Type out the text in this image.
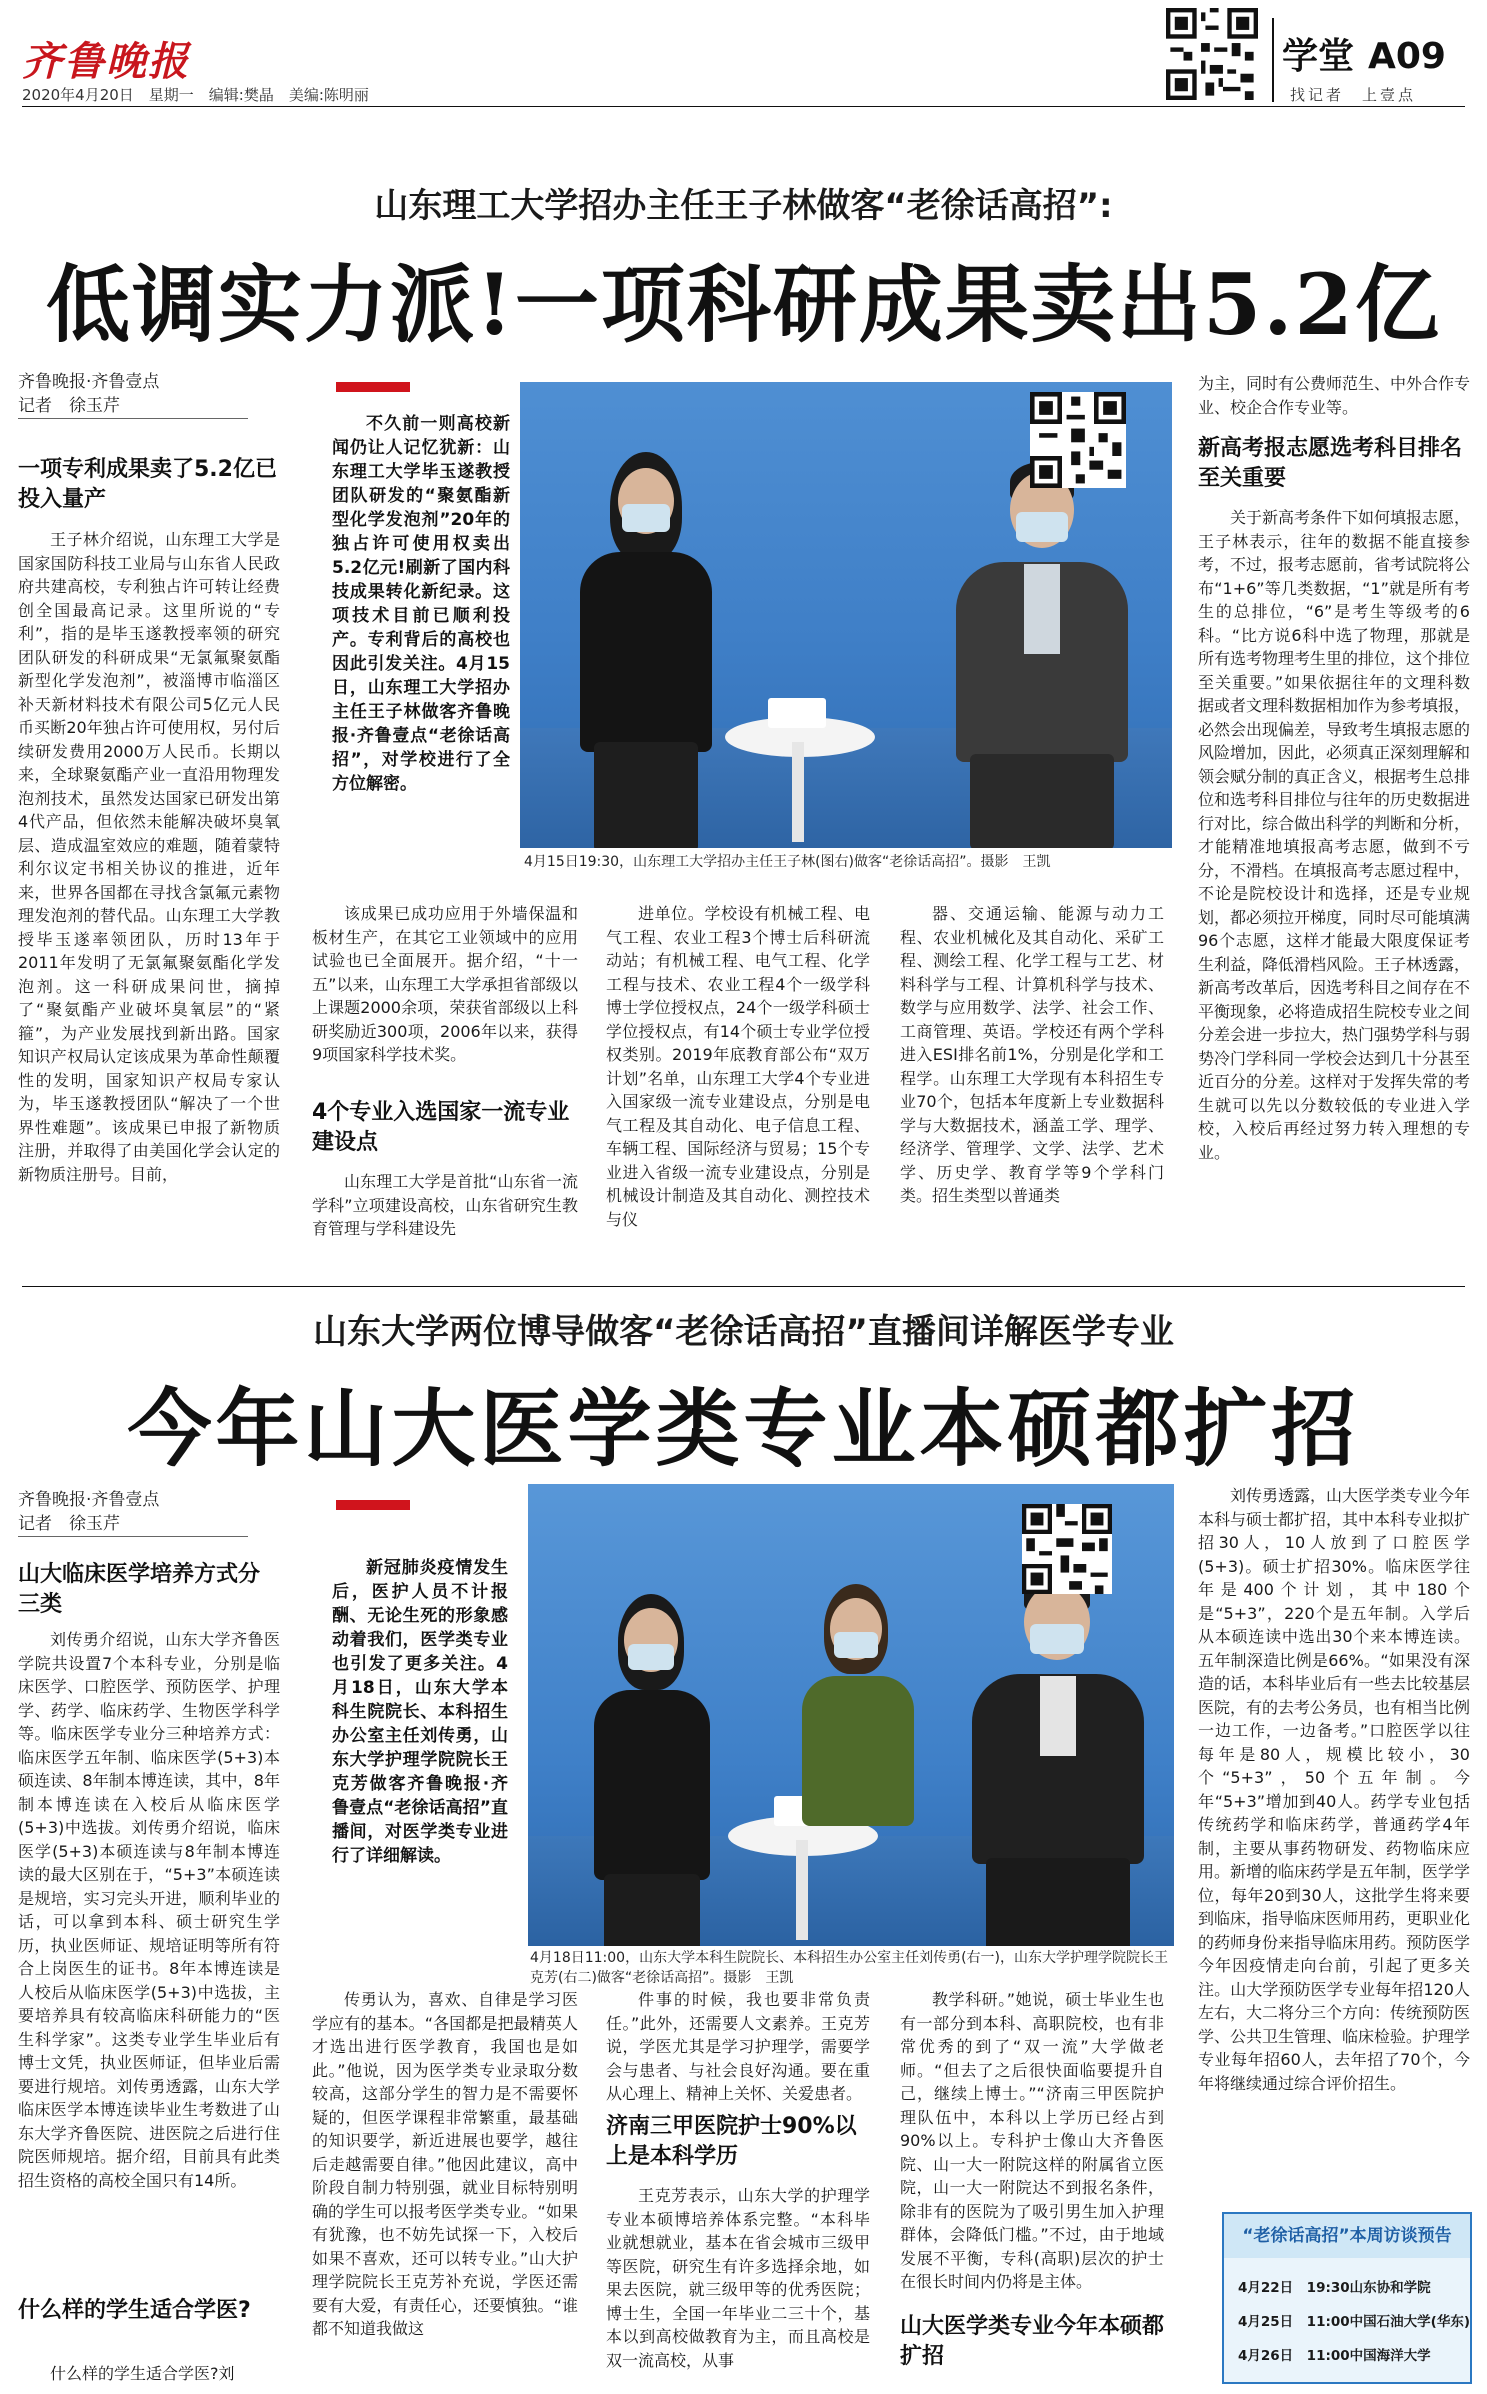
齐鲁晚报
2020年4月20日　星期一　编辑:樊晶　美编:陈明丽
学堂 A09
找记者　上壹点
山东理工大学招办主任王子林做客“老徐话高招”:
低调实力派!一项科研成果卖出5.2亿
齐鲁晚报·齐鲁壹点
记者　徐玉芹
一项专利成果卖了5.2亿已投入量产
王子林介绍说，山东理工大学是国家国防科技工业局与山东省人民政府共建高校，专利独占许可转让经费创全国最高记录。这里所说的“专利”，指的是毕玉遂教授率领的研究团队研发的科研成果“无氯氟聚氨酯新型化学发泡剂”，被淄博市临淄区补天新材料技术有限公司5亿元人民币买断20年独占许可使用权，另付后续研发费用2000万人民币。长期以来，全球聚氨酯产业一直沿用物理发泡剂技术，虽然发达国家已研发出第4代产品，但依然未能解决破坏臭氧层、造成温室效应的难题，随着蒙特利尔议定书相关协议的推进，近年来，世界各国都在寻找含氯氟元素物理发泡剂的替代品。山东理工大学教授毕玉遂率领团队，历时13年于2011年发明了无氯氟聚氨酯化学发泡剂。这一科研成果问世，摘掉了“聚氨酯产业破坏臭氧层”的“紧箍”，为产业发展找到新出路。国家知识产权局认定该成果为革命性颠覆性的发明，国家知识产权局专家认为，毕玉遂教授团队“解决了一个世界性难题”。该成果已申报了新物质注册，并取得了由美国化学会认定的新物质注册号。目前，
不久前一则高校新闻仍让人记忆犹新：山东理工大学毕玉遂教授团队研发的“聚氨酯新型化学发泡剂”20年的独占许可使用权卖出5.2亿元!刷新了国内科技成果转化新纪录。这项技术目前已顺利投产。专利背后的高校也因此引发关注。4月15日，山东理工大学招办主任王子林做客齐鲁晚报·齐鲁壹点“老徐话高招”，对学校进行了全方位解密。
4月15日19:30，山东理工大学招办主任王子林(图右)做客“老徐话高招”。摄影　王凯
该成果已成功应用于外墙保温和板材生产，在其它工业领域中的应用试验也已全面展开。据介绍，“十一五”以来，山东理工大学承担省部级以上课题2000余项，荣获省部级以上科研奖励近300项，2006年以来，获得9项国家科学技术奖。
4个专业入选国家一流专业建设点
山东理工大学是首批“山东省一流学科”立项建设高校，山东省研究生教育管理与学科建设先
进单位。学校设有机械工程、电气工程、农业工程3个博士后科研流动站；有机械工程、电气工程、化学工程与技术、农业工程4个一级学科博士学位授权点，24个一级学科硕士学位授权点，有14个硕士专业学位授权类别。2019年底教育部公布“双万计划”名单，山东理工大学4个专业进入国家级一流专业建设点，分别是电气工程及其自动化、电子信息工程、车辆工程、国际经济与贸易；15个专业进入省级一流专业建设点，分别是机械设计制造及其自动化、测控技术与仪
器、交通运输、能源与动力工程、农业机械化及其自动化、采矿工程、测绘工程、化学工程与工艺、材料科学与工程、计算机科学与技术、数学与应用数学、法学、社会工作、工商管理、英语。学校还有两个学科进入ESI排名前1%，分别是化学和工程学。山东理工大学现有本科招生专业70个，包括本年度新上专业数据科学与大数据技术，涵盖工学、理学、经济学、管理学、文学、法学、艺术学、历史学、教育学等9个学科门类。招生类型以普通类
为主，同时有公费师范生、中外合作专业、校企合作专业等。
新高考报志愿选考科目排名至关重要
关于新高考条件下如何填报志愿，王子林表示，往年的数据不能直接参考，不过，报考志愿前，省考试院将公布“1+6”等几类数据，“1”就是所有考生的总排位，“6”是考生等级考的6科。“比方说6科中选了物理，那就是所有选考物理考生里的排位，这个排位至关重要。”如果依据往年的文理科数据或者文理科数据相加作为参考填报，必然会出现偏差，导致考生填报志愿的风险增加，因此，必须真正深刻理解和领会赋分制的真正含义，根据考生总排位和选考科目排位与往年的历史数据进行对比，综合做出科学的判断和分析，才能精准地填报高考志愿，做到不亏分，不滑档。在填报高考志愿过程中，不论是院校设计和选择，还是专业规划，都必须拉开梯度，同时尽可能填满96个志愿，这样才能最大限度保证考生利益，降低滑档风险。王子林透露，新高考改革后，因选考科目之间存在不平衡现象，必将造成招生院校专业之间分差会进一步拉大，热门强势学科与弱势冷门学科同一学校会达到几十分甚至近百分的分差。这样对于发挥失常的考生就可以先以分数较低的专业进入学校，入校后再经过努力转入理想的专业。
山东大学两位博导做客“老徐话高招”直播间详解医学专业
今年山大医学类专业本硕都扩招
齐鲁晚报·齐鲁壹点
记者　徐玉芹
山大临床医学培养方式分三类
刘传勇介绍说，山东大学齐鲁医学院共设置7个本科专业，分别是临床医学、口腔医学、预防医学、护理学、药学、临床药学、生物医学科学等。临床医学专业分三种培养方式：临床医学五年制、临床医学(5+3)本硕连读、8年制本博连读，其中，8年制本博连读在入校后从临床医学(5+3)中选拔。刘传勇介绍说，临床医学(5+3)本硕连读与8年制本博连读的最大区别在于，“5+3”本硕连读是规培，实习完头开进，顺利毕业的话，可以拿到本科、硕士研究生学历，执业医师证、规培证明等所有符合上岗医生的证书。8年本博连读是人校后从临床医学(5+3)中选拔，主要培养具有较高临床科研能力的“医生科学家”。这类专业学生毕业后有博士文凭，执业医师证，但毕业后需要进行规培。刘传勇透露，山东大学临床医学本博连读毕业生考数进了山东大学齐鲁医院、进医院之后进行住院医师规培。据介绍，目前具有此类招生资格的高校全国只有14所。
什么样的学生适合学医?
什么样的学生适合学医?刘
新冠肺炎疫情发生后，医护人员不计报酬、无论生死的形象感动着我们，医学类专业也引发了更多关注。4月18日，山东大学本科生院院长、本科招生办公室主任刘传勇，山东大学护理学院院长王克芳做客齐鲁晚报·齐鲁壹点“老徐话高招”直播间，对医学类专业进行了详细解读。
4月18日11:00，山东大学本科生院院长、本科招生办公室主任刘传勇(右一)，山东大学护理学院院长王克芳(右二)做客“老徐话高招”。摄影　王凯
传勇认为，喜欢、自律是学习医学应有的基本。“各国都是把最精英人才选出进行医学教育，我国也是如此。”他说，因为医学类专业录取分数较高，这部分学生的智力是不需要怀疑的，但医学课程非常繁重，最基础的知识要学，新近进展也要学，越往后走越需要自律。”他因此建议，高中阶段自制力特别强，就业目标特别明确的学生可以报考医学类专业。“如果有犹豫，也不妨先试探一下，入校后如果不喜欢，还可以转专业。”山大护理学院院长王克芳补充说，学医还需要有大爱，有责任心，还要慎独。“谁都不知道我做这
件事的时候，我也要非常负责任。”此外，还需要人文素养。王克芳说，学医尤其是学习护理学，需要学会与患者、与社会良好沟通。要在重从心理上、精神上关怀、关爱患者。
济南三甲医院护士90%以上是本科学历
王克芳表示，山东大学的护理学专业本硕博培养体系完整。“本科毕业就想就业，基本在省会城市三级甲等医院，研究生有许多选择余地，如果去医院，就三级甲等的优秀医院；博士生，全国一年毕业二三十个，基本以到高校做教育为主，而且高校是双一流高校，从事
教学科研。”她说，硕士毕业生也有一部分到本科、高职院校，也有非常优秀的到了“双一流”大学做老师。“但去了之后很快面临要提升自己，继续上博士。”“济南三甲医院护理队伍中，本科以上学历已经占到90%以上。专科护士像山大齐鲁医院、山一大一附院这样的附属省立医院，山一大一附院达不到报名条件，除非有的医院为了吸引男生加入护理群体，会降低门槛。”不过，由于地域发展不平衡，专科(高职)层次的护士在很长时间内仍将是主体。
山大医学类专业今年本硕都扩招
刘传勇透露，山大医学类专业今年本科与硕士都扩招，其中本科专业拟扩招30人，10人放到了口腔医学(5+3)。硕士扩招30%。临床医学往年是400个计划，其中180个是“5+3”，220个是五年制。入学后从本硕连读中选出30个来本博连读。五年制深造比例是66%。“如果没有深造的话，本科毕业后有一些去比较基层医院，有的去考公务员，也有相当比例一边工作，一边备考。”口腔医学以往每年是80人，规模比较小，30个“5+3”，50个五年制。今年“5+3”增加到40人。药学专业包括传统药学和临床药学，普通药学4年制，主要从事药物研发、药物临床应用。新增的临床药学是五年制，医学学位，每年20到30人，这批学生将来要到临床，指导临床医师用药，更职业化的药师身份来指导临床用药。预防医学今年因疫情走向台前，引起了更多关注。山大学预防医学专业每年招120人左右，大二将分三个方向：传统预防医学、公共卫生管理、临床检验。护理学专业每年招60人，去年招了70个，今年将继续通过综合评价招生。
“老徐话高招”本周访谈预告
4月22日　19:30山东协和学院
4月25日　11:00中国石油大学(华东)
4月26日　11:00中国海洋大学
